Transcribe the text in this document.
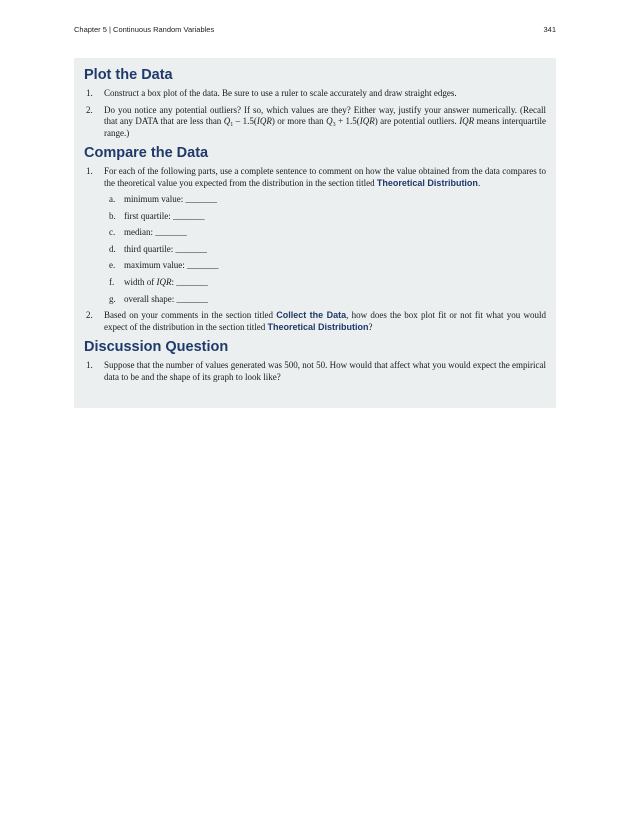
Chapter 5 | Continuous Random Variables	341
Plot the Data
1. Construct a box plot of the data. Be sure to use a ruler to scale accurately and draw straight edges.
2. Do you notice any potential outliers? If so, which values are they? Either way, justify your answer numerically. (Recall that any DATA that are less than $Q_1 - 1.5(IQR)$ or more than $Q_3 + 1.5(IQR)$ are potential outliers. IQR means interquartile range.)
Compare the Data
1. For each of the following parts, use a complete sentence to comment on how the value obtained from the data compares to the theoretical value you expected from the distribution in the section titled Theoretical Distribution.
a. minimum value: _______
b. first quartile: _______
c. median: _______
d. third quartile: _______
e. maximum value: _______
f. width of IQR: _______
g. overall shape: _______
2. Based on your comments in the section titled Collect the Data, how does the box plot fit or not fit what you would expect of the distribution in the section titled Theoretical Distribution?
Discussion Question
1. Suppose that the number of values generated was 500, not 50. How would that affect what you would expect the empirical data to be and the shape of its graph to look like?
